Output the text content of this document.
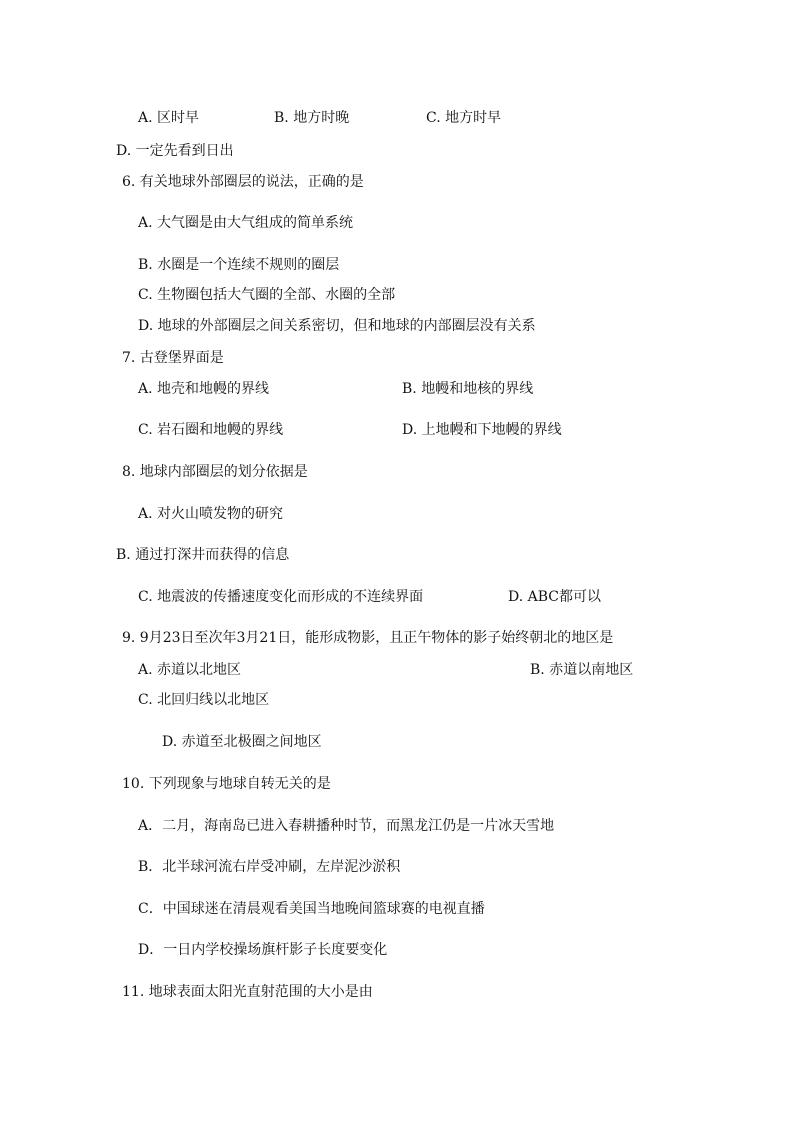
A. 区时早	B. 地方时晚	C. 地方时早
D. 一定先看到日出
6. 有关地球外部圈层的说法，正确的是
A. 大气圈是由大气组成的简单系统
B. 水圈是一个连续不规则的圈层
C. 生物圈包括大气圈的全部、水圈的全部
D. 地球的外部圈层之间关系密切，但和地球的内部圈层没有关系
7. 古登堡界面是
A. 地壳和地幔的界线	B. 地幔和地核的界线
C. 岩石圈和地幔的界线	D. 上地幔和下地幔的界线
8. 地球内部圈层的划分依据是
A. 对火山喷发物的研究
B. 通过打深井而获得的信息
C. 地震波的传播速度变化而形成的不连续界面	D. ABC都可以
9. 9月23日至次年3月21日，能形成物影，且正午物体的影子始终朝北的地区是
A. 赤道以北地区	B. 赤道以南地区
C. 北回归线以北地区
D. 赤道至北极圈之间地区
10. 下列现象与地球自转无关的是
A．二月，海南岛已进入春耕播种时节，而黑龙江仍是一片冰天雪地
B．北半球河流右岸受冲刷，左岸泥沙淤积
C．中国球迷在清晨观看美国当地晚间篮球赛的电视直播
D．一日内学校操场旗杆影子长度要变化
11. 地球表面太阳光直射范围的大小是由
